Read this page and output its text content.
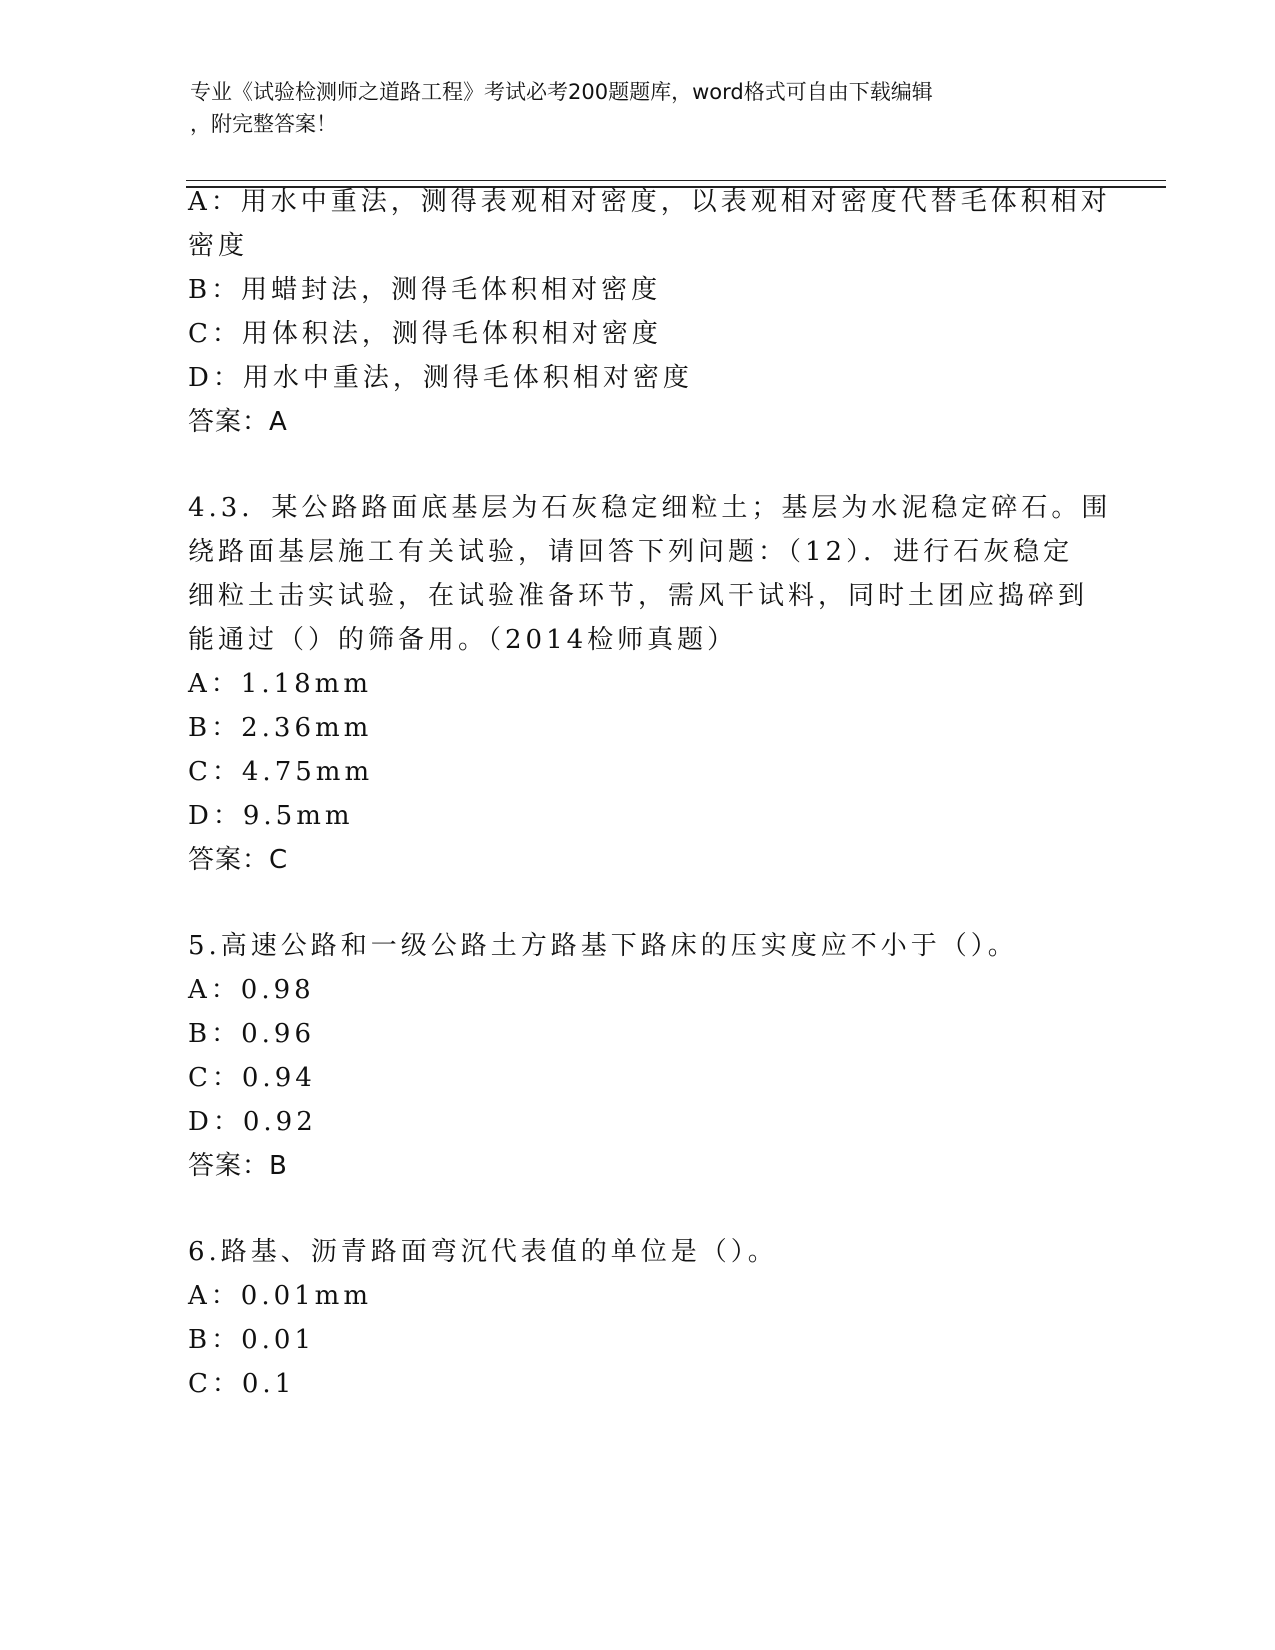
专业《试验检测师之道路工程》考试必考200题题库，word格式可自由下载编辑
，附完整答案！
A：用水中重法，测得表观相对密度，以表观相对密度代替毛体积相对
密度
B：用蜡封法，测得毛体积相对密度
C：用体积法，测得毛体积相对密度
D：用水中重法，测得毛体积相对密度
答案：A
4.3．某公路路面底基层为石灰稳定细粒土；基层为水泥稳定碎石。围
绕路面基层施工有关试验，请回答下列问题：（12）．进行石灰稳定
细粒土击实试验，在试验准备环节，需风干试料，同时土团应捣碎到
能通过（）的筛备用。（2014检师真题）
A：1.18mm
B：2.36mm
C：4.75mm
D：9.5mm
答案：C
5.高速公路和一级公路土方路基下路床的压实度应不小于（）。
A：0.98
B：0.96
C：0.94
D：0.92
答案：B
6.路基、沥青路面弯沉代表值的单位是（）。
A：0.01mm
B：0.01
C：0.1
